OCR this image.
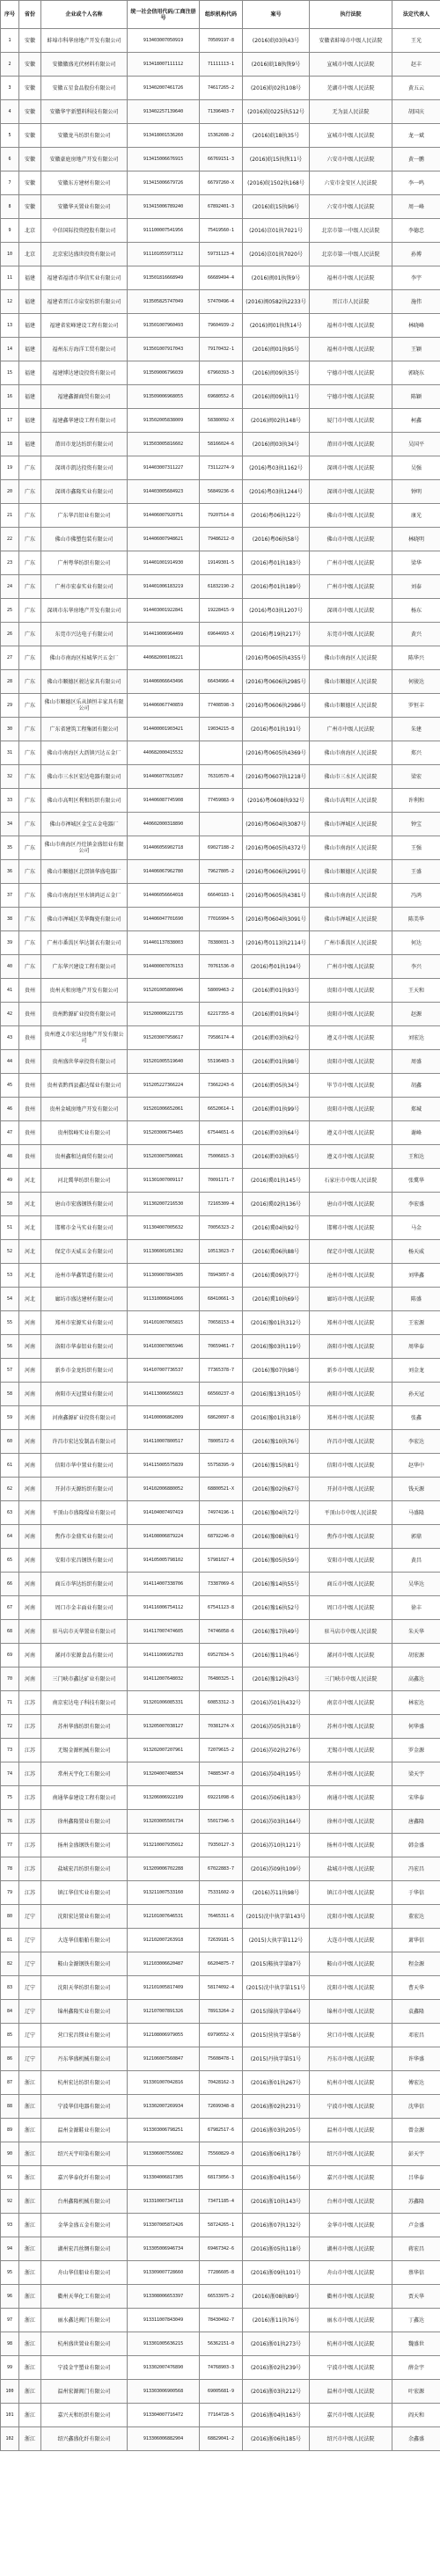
序号	省份	企业或个人名称	统一社会信用代码/工商注册号	组织机构代码	案号	执行法院	法定代表人
1	安徽	蚌埠市科华房地产开发有限公司	913403007050919	70509197-8	(2016)皖03执43号	安徽省蚌埠市中级人民法院	王光
2	安徽	安徽徽盛光伏材料有限公司	913418007111112	71111113-1	(2016)皖18执恢9号	宣城市中级人民法院	赵丰
3	安徽	安徽五星食品股份有限公司	913402007461726	74617265-2	(2016)皖02执108号	芜湖市中级人民法院	黄五云
4	安徽	安徽华宇新塑料科技有限公司	913402257139640	71396403-7	(2016)皖0225执512号	无为县人民法院	胡国庆
5	安徽	安徽龙马纺织有限公司	913418001536260	15362608-2	(2016)皖18执35号	宣城市中级人民法院	龙一斌
6	安徽	安徽豪庭房地产开发有限公司	913415006676915	66769151-3	(2016)皖15执恢11号	六安市中级人民法院	黄一鹏
7	安徽	安徽东方建材有限公司	913415006679726	66797260-X	(2016)皖1502执168号	六安市金安区人民法院	李一鸣
8	安徽	安徽华天置业有限公司	913415006789240	67892401-3	(2016)皖15执96号	六安市中级人民法院	周一峰
9	北京	中信国际投资控股有限公司	911100007541956	75419560-1	(2016)京01执7021号	北京市第一中级人民法院	李德忠
10	北京	北京宏达盛世投资有限公司	911101055973112	59731123-4	(2016)京01执7020号	北京市第一中级人民法院	孙博
11	福建	福建省福清市华信实业有限公司	913501816668949	66689494-4	(2016)闽01执恢9号	福州市中级人民法院	李宇
12	福建	福建省晋江市泉安纺织有限公司	913505825747049	57470496-4	(2016)闽0582执2233号	晋江市人民法院	施伟
13	福建	福建省宏峰建设工程有限公司	913501007960493	79604939-2	(2016)闽01执恢14号	福州市中级人民法院	林晓峰
14	福建	福州东方海洋工贸有限公司	913501007917043	79170432-1	(2016)闽01执95号	福州市中级人民法院	王颖
15	福建	福建博达建设投资有限公司	913509006796039	67960393-3	(2016)闽09执35号	宁德市中级人民法院	郭晓东
16	福建	福建鑫源商贸有限公司	913509006968055	69680552-6	(2016)闽09执11号	宁德市中级人民法院	陈颖
17	福建	福建鑫华建设工程有限公司	913502005838009	58380092-X	(2016)闽02执148号	厦门市中级人民法院	柯鑫
18	福建	莆田市龙达纺织有限公司	913503005816602	58166024-6	(2016)闽03执34号	莆田市中级人民法院	吴国平
19	广东	深圳市凯达投资有限公司	914403007311227	73112274-9	(2016)粤03执1162号	深圳市中级人民法院	吴强
20	广东	深圳市鑫隆实业有限公司	914403005684923	56849236-6	(2016)粤03执1244号	深圳市中级人民法院	钟明
21	广东	广东华昌铝业有限公司	914406007920751	79207514-8	(2016)粤06执122号	佛山市中级人民法院	康光
22	广东	佛山市佛塑包装有限公司	914406007948621	79486212-0	(2016)粤06执58号	佛山市中级人民法院	林晓明
23	广东	广州粤华纺织有限公司	914401001914930	19149301-5	(2016)粤01执183号	广州市中级人民法院	梁华
24	广东	广州市宏泰实业有限公司	914401006183219	61832190-2	(2016)粤01执189号	广州市中级人民法院	刘泰
25	广东	深圳市东华房地产开发有限公司	914403001922841	19228415-9	(2016)粤03执1207号	深圳市中级人民法院	杨东
26	广东	东莞市兴达电子有限公司	914419006964499	69644993-X	(2016)粤19执217号	东莞市中级人民法院	黄兴
27	广东	佛山市南海区桂城华兴五金厂	440682000108221		(2016)粤0605执4355号	佛山市南海区人民法院	陈华兴
28	广东	佛山市顺德区骏达家具有限公司	914406066643496	66434966-4	(2016)粤0606执2985号	佛山市顺德区人民法院	何骏达
29	广东	佛山市顺德区乐从镇恒丰家具有限公司	914406067740859	77408598-3	(2016)粤0606执2986号	佛山市顺德区人民法院	罗恒丰
30	广东	广东省建筑工程集团有限公司	914400001903421	19034215-8	(2016)粤01执191号	广州市中级人民法院	朱建
31	广东	佛山市南海区大沥镇兴达五金厂	440682000415532		(2016)粤0605执4369号	佛山市南海区人民法院	郑兴
32	广东	佛山市三水区宏达电器有限公司	914406077631057	76310570-4	(2016)粤0607执1218号	佛山市三水区人民法院	梁宏
33	广东	佛山市高明区利和纺织有限公司	914406087745908	77459083-9	(2016)粤0608执932号	佛山市高明区人民法院	许利和
34	广东	佛山市禅城区金宝五金电器厂	440602000318890		(2016)粤0604执3087号	佛山市禅城区人民法院	钟宝
35	广东	佛山市南海区丹灶镇金盛铝业有限公司	914406056902718	69027188-2	(2016)粤0605执4372号	佛山市南海区人民法院	王强
36	广东	佛山市顺德区北滘镇华盛电器厂	914406067962780	79627805-2	(2016)粤0606执2991号	佛山市顺德区人民法院	王盛
37	广东	佛山市南海区里水镇鸿运五金厂	914406056664018	66640183-1	(2016)粤0605执4381号	佛山市南海区人民法院	冯鸿
38	广东	佛山市禅城区美华陶瓷有限公司	914406047701690	77016904-5	(2016)粤0604执3091号	佛山市禅城区人民法院	陈美华
39	广东	广州市番禺区华达制衣有限公司	914401137838003	78380031-3	(2016)粤0113执2114号	广州市番禺区人民法院	何达
40	广东	广东华兴建设工程有限公司	914400007076153	70761536-0	(2016)粤01执194号	广州市中级人民法院	李兴
41	贵州	贵州天和房地产开发有限公司	915201005800946	58009463-2	(2016)黔01执93号	贵阳市中级人民法院	王天和
42	贵州	贵州黔源矿业投资有限公司	915200006221735	62217355-8	(2016)黔01执94号	贵阳市中级人民法院	赵源
43	贵州	贵州遵义市宏达房地产开发有限公司	915203007958617	79586174-4	(2016)黔03执62号	遵义市中级人民法院	刘宏达
44	贵州	贵州盛世华章投资有限公司	915201005519640	55196403-3	(2016)黔01执98号	贵阳市中级人民法院	周盛
45	贵州	贵州省黔西县鑫达煤业有限公司	915205227366224	73662243-6	(2016)黔05执34号	毕节市中级人民法院	胡鑫
46	贵州	贵州金城房地产开发有限公司	915201006652061	66520614-1	(2016)黔01执99号	贵阳市中级人民法院	郑城
47	贵州	贵州铭峰实业有限公司	915203006754465	67544651-6	(2016)黔03执64号	遵义市中级人民法院	谢峰
48	贵州	贵州鑫和达商贸有限公司	915203007500681	75006815-3	(2016)黔03执65号	遵义市中级人民法院	王和达
49	河北	河北冀华纺织有限公司	911301007009117	70091171-7	(2016)冀01执145号	石家庄市中级人民法院	张冀华
50	河北	唐山市宏盛钢铁有限公司	911302007216530	72165309-4	(2016)冀02执136号	唐山市中级人民法院	李宏盛
51	河北	邯郸市金马实业有限公司	911304007005632	70056323-2	(2016)冀04执92号	邯郸市中级人民法院	马金
52	河北	保定市天威五金有限公司	911306001051302	10513023-7	(2016)冀06执88号	保定市中级人民法院	杨天威
53	河北	沧州市华鑫管道有限公司	911309007894305	78943057-8	(2016)冀09执77号	沧州市中级人民法院	刘华鑫
54	河北	廊坊市盛达建材有限公司	911310006841066	68410661-3	(2016)冀10执69号	廊坊市中级人民法院	陈盛
55	河南	郑州市宏源实业有限公司	914101007065815	70658153-4	(2016)豫01执312号	郑州市中级人民法院	王宏源
56	河南	洛阳市华泰铝业有限公司	914103007065946	70659461-7	(2016)豫03执119号	洛阳市中级人民法院	周华泰
57	河南	新乡市金龙纺织有限公司	914107007736537	77365378-7	(2016)豫07执98号	新乡市中级人民法院	刘金龙
58	河南	南阳市天冠置业有限公司	914113006656023	66560237-0	(2016)豫13执105号	南阳市中级人民法院	孙天冠
59	河南	河南鑫源矿业投资有限公司	914100006862009	68620097-8	(2016)豫01执318号	郑州市中级人民法院	张鑫
60	河南	许昌市宏达发制品有限公司	914110007800517	78005172-6	(2016)豫10执76号	许昌市中级人民法院	李宏达
61	河南	信阳市华中置业有限公司	914115005575839	55758395-9	(2016)豫15执81号	信阳市中级人民法院	赵华中
62	河南	开封市天源纺织有限公司	914102006880052	68800521-X	(2016)豫02执67号	开封市中级人民法院	钱天源
63	河南	平顶山市盛隆煤业有限公司	914104007497419	74974196-1	(2016)豫04执72号	平顶山市中级人民法院	马盛隆
64	河南	焦作市金鼎实业有限公司	914108006879224	68792246-0	(2016)豫08执61号	焦作市中级人民法院	郭鼎
65	河南	安阳市宏昌钢铁有限公司	914105005798102	57981027-4	(2016)豫05执59号	安阳市中级人民法院	黄昌
66	河南	商丘市华达纺织有限公司	914114007338706	73387069-6	(2016)豫14执55号	商丘市中级人民法院	吴华达
67	河南	周口市金丰面业有限公司	914116006754112	67541123-8	(2016)豫16执52号	周口市中级人民法院	徐丰
68	河南	驻马店市天华置业有限公司	914117007474605	74746058-6	(2016)豫17执49号	驻马店市中级人民法院	朱天华
69	河南	漯河市宏源食品有限公司	914111006952783	69527834-5	(2016)豫11执46号	漯河市中级人民法院	胡宏源
70	河南	三门峡市鑫达矿业有限公司	914112007648032	76480325-1	(2016)豫12执43号	三门峡市中级人民法院	高鑫达
71	江苏	南京宏达电子科技有限公司	913201006085331	60853312-3	(2016)苏01执432号	南京市中级人民法院	林宏达
72	江苏	苏州华盛纺织有限公司	913205007038127	70381274-X	(2016)苏05执318号	苏州市中级人民法院	何华盛
73	江苏	无锡金源机械有限公司	913202007207961	72079615-2	(2016)苏02执276号	无锡市中级人民法院	罗金源
74	江苏	常州天宇化工有限公司	913204007488534	74885347-0	(2016)苏04执195号	常州市中级人民法院	梁天宇
75	江苏	南通华泰建设工程有限公司	913206006922109	69221098-6	(2016)苏06执183号	南通市中级人民法院	宋华泰
76	江苏	徐州鑫隆置业有限公司	913203005501734	55017346-5	(2016)苏03执164号	徐州市中级人民法院	唐鑫隆
77	江苏	扬州金盛钢铁有限公司	913210007935012	79350127-3	(2016)苏10执121号	扬州市中级人民法院	韩金盛
78	江苏	盐城宏昌纺织有限公司	913209006702288	67022883-7	(2016)苏09执109号	盐城市中级人民法院	冯宏昌
79	江苏	镇江华信实业有限公司	913211007533160	75331602-9	(2016)苏11执98号	镇江市中级人民法院	于华信
80	辽宁	沈阳宏达置业有限公司	912101007646531	76465311-6	(2015)沈中执字第143号	沈阳市中级人民法院	董宏达
81	辽宁	大连华信船舶有限公司	912102007263918	72639181-5	(2015)大执字第112号	大连市中级人民法院	萧华信
82	辽宁	鞍山金源钢铁有限公司	912103006620487	66204875-7	(2015)鞍执字第87号	鞍山市中级人民法院	程金源
83	辽宁	沈阳天华纺织有限公司	912101005817409	58174092-4	(2015)沈中执字第151号	沈阳市中级人民法院	曹天华
84	辽宁	锦州鑫隆实业有限公司	912107007891326	78913264-2	(2015)锦执字第64号	锦州市中级人民法院	袁鑫隆
85	辽宁	营口宏昌镁业有限公司	912108006979055	69790552-X	(2015)营执字第58号	营口市中级人民法院	邓宏昌
86	辽宁	丹东华盛机械有限公司	912106007560847	75608478-1	(2015)丹执字第51号	丹东市中级人民法院	许华盛
87	浙江	杭州宏达纺织有限公司	913301007042816	70428162-3	(2016)浙01执267号	杭州市中级人民法院	傅宏达
88	浙江	宁波华信电器有限公司	913302007269934	72699348-8	(2016)浙02执231号	宁波市中级人民法院	沈华信
89	浙江	温州金源鞋业有限公司	913303006798251	67982517-6	(2016)浙03执205号	温州市中级人民法院	曾金源
90	浙江	绍兴天宇印染有限公司	913306007556082	75560829-0	(2016)浙06执178号	绍兴市中级人民法院	彭天宇
91	浙江	嘉兴华泰化纤有限公司	913304006817305	68173056-3	(2016)浙04执156号	嘉兴市中级人民法院	吕华泰
92	浙江	台州鑫隆机械有限公司	913310007347118	73471185-4	(2016)浙10执143号	台州市中级人民法院	苏鑫隆
93	浙江	金华金盛五金有限公司	913307005872426	58724265-1	(2016)浙07执132号	金华市中级人民法院	卢金盛
94	浙江	湖州宏昌丝绸有限公司	913305006946734	69467342-6	(2016)浙05执118号	湖州市中级人民法院	蒋宏昌
95	浙江	舟山华信船业有限公司	913309007728660	77286605-8	(2016)浙09执101号	舟山市中级人民法院	蔡华信
96	浙江	衢州天华化工有限公司	913308006653397	66533975-2	(2016)浙08执89号	衢州市中级人民法院	贾天华
97	浙江	丽水鑫达阀门有限公司	913311007843049	78430492-7	(2016)浙11执76号	丽水市中级人民法院	丁鑫达
98	浙江	杭州盛世置业有限公司	913301005636215	56362151-0	(2016)浙01执273号	杭州市中级人民法院	魏盛世
99	浙江	宁波金宇塑业有限公司	913302007476890	74768903-3	(2016)浙02执239号	宁波市中级人民法院	薛金宇
100	浙江	温州宏源阀门有限公司	913303006900568	69005681-9	(2016)浙03执212号	温州市中级人民法院	叶宏源
101	浙江	嘉兴天和纺织有限公司	913304007716472	77164728-5	(2016)浙04执163号	嘉兴市中级人民法院	阎天和
102	浙江	绍兴鑫盛化纤有限公司	913306006882904	68829041-2	(2016)浙06执185号	绍兴市中级人民法院	余鑫盛
